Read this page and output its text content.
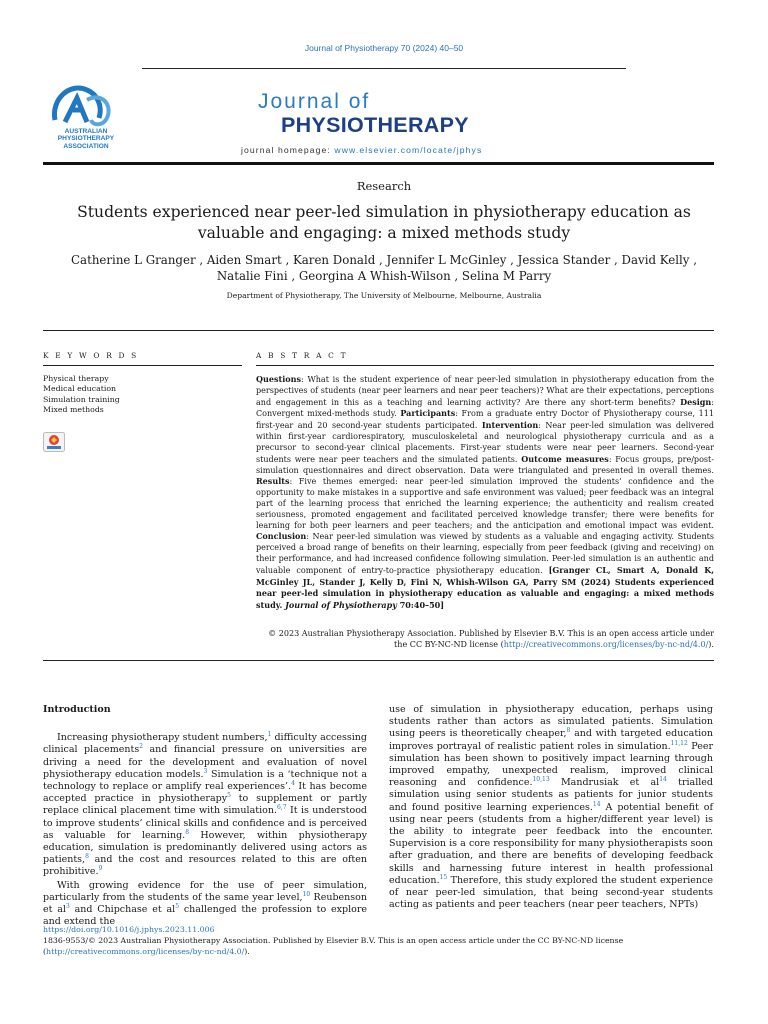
Journal of Physiotherapy 70 (2024) 40–50
AUSTRALIAN
PHYSIOTHERAPY
ASSOCIATION
Journal of
PHYSIOTHERAPY
journal homepage: www.elsevier.com/locate/jphys
Research
Students experienced near peer-led simulation in physiotherapy education as valuable and engaging: a mixed methods study
Catherine L Granger , Aiden Smart , Karen Donald , Jennifer L McGinley , Jessica Stander , David Kelly ,
Natalie Fini , Georgina A Whish-Wilson , Selina M Parry
Department of Physiotherapy, The University of Melbourne, Melbourne, Australia
K E Y W O R D S	A B S T R A C T
Physical therapy
Medical education
Simulation training
Mixed methods
Questions: What is the student experience of near peer-led simulation in physiotherapy education from the perspectives of students (near peer learners and near peer teachers)? What are their expectations, perceptions and engagement in this as a teaching and learning activity? Are there any short-term benefits? Design: Convergent mixed-methods study. Participants: From a graduate entry Doctor of Physiotherapy course, 111 first-year and 20 second-year students participated. Intervention: Near peer-led simulation was delivered within first-year cardiorespiratory, musculoskeletal and neurological physiotherapy curricula and as a precursor to second-year clinical placements. First-year students were near peer learners. Second-year students were near peer teachers and the simulated patients. Outcome measures: Focus groups, pre/post-simulation questionnaires and direct observation. Data were triangulated and presented in overall themes. Results: Five themes emerged: near peer-led simulation improved the students’ confidence and the opportunity to make mistakes in a supportive and safe environment was valued; peer feedback was an integral part of the learning process that enriched the learning experience; the authenticity and realism created seriousness, promoted engagement and facilitated perceived knowledge transfer; there were benefits for learning for both peer learners and peer teachers; and the anticipation and emotional impact was evident. Conclusion: Near peer-led simulation was viewed by students as a valuable and engaging activity. Students perceived a broad range of benefits on their learning, especially from peer feedback (giving and receiving) on their performance, and had increased confidence following simulation. Peer-led simulation is an authentic and valuable component of entry-to-practice physiotherapy education. [Granger CL, Smart A, Donald K, McGinley JL, Stander J, Kelly D, Fini N, Whish-Wilson GA, Parry SM (2024) Students experienced near peer-led simulation in physiotherapy education as valuable and engaging: a mixed methods study. Journal of Physiotherapy 70:40–50]
© 2023 Australian Physiotherapy Association. Published by Elsevier B.V. This is an open access article under
the CC BY-NC-ND license (http://creativecommons.org/licenses/by-nc-nd/4.0/).
Introduction

Increasing physiotherapy student numbers,$^1$ difficulty accessing clinical placements$^2$ and financial pressure on universities are driving a need for the development and evaluation of novel physiotherapy education models.$^3$ Simulation is a ‘technique not a technology to replace or amplify real experiences’.$^4$ It has become accepted practice in physiotherapy$^5$ to supplement or partly replace clinical placement time with simulation.$^{6,7}$ It is understood to improve students’ clinical skills and confidence and is perceived as valuable for learning.$^8$ However, within physiotherapy education, simulation is predominantly delivered using actors as patients,$^8$ and the cost and resources related to this are often prohibitive.$^9$

With growing evidence for the use of peer simulation, particularly from the students of the same year level,$^{10}$ Reubenson et $al^3$ and Chipchase et $al^5$ challenged the profession to explore and extend the

use of simulation in physiotherapy education, perhaps using students rather than actors as simulated patients. Simulation using peers is theoretically cheaper,$^8$ and with targeted education improves portrayal of realistic patient roles in simulation.$^{11,12}$ Peer simulation has been shown to positively impact learning through improved empathy, unexpected realism, improved clinical reasoning and confidence.$^{10,13}$ Mandrusiak et $al^{14}$ trialled simulation using senior students as patients for junior students and found positive learning experiences.$^{14}$ A potential benefit of using near peers (students from a higher/different year level) is the ability to integrate peer feedback into the encounter. Supervision is a core responsibility for many physiotherapists soon after graduation, and there are benefits of developing feedback skills and harnessing future interest in health professional education.$^{15}$ Therefore, this study explored the student experience of near peer-led simulation, that being second-year students acting as patients and peer teachers (near peer teachers, NPTs)

https://doi.org/10.1016/j.jphys.2023.11.006
1836-9553/© 2023 Australian Physiotherapy Association. Published by Elsevier B.V. This is an open access article under the CC BY-NC-ND license (http://creativecommons.org/licenses/by-nc-nd/4.0/).
